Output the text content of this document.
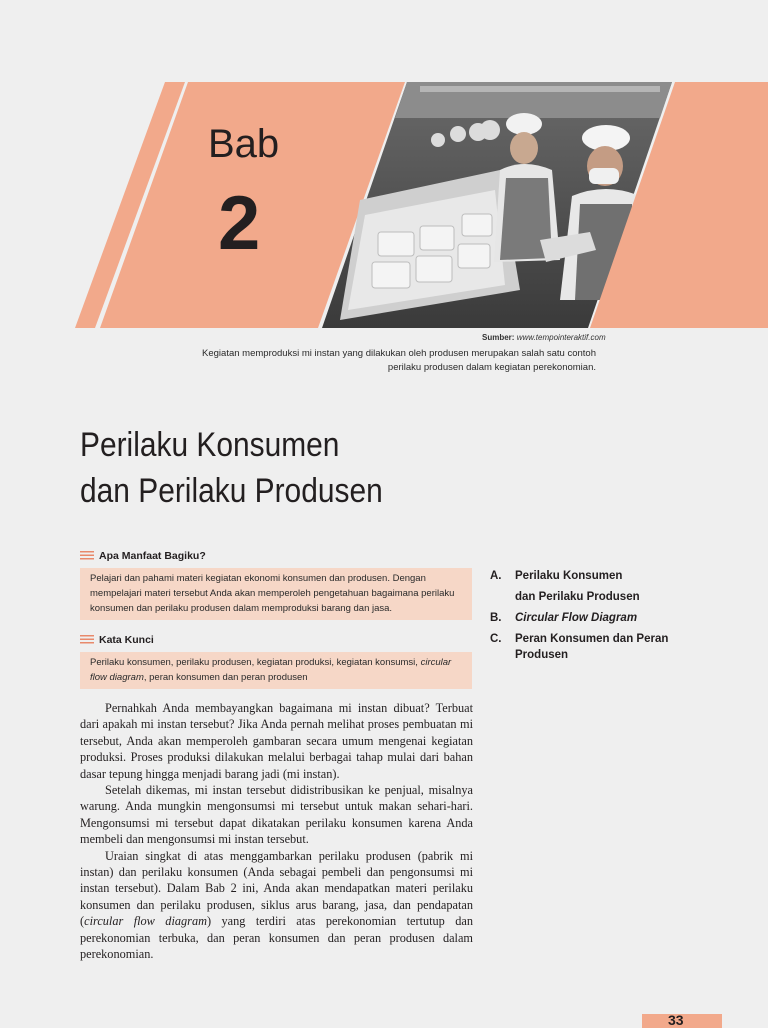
Bab
2
Sumber: www.tempointeraktif.com
Kegiatan memproduksi mi instan yang dilakukan oleh produsen merupakan salah satu contoh
perilaku produsen dalam kegiatan perekonomian.
Perilaku Konsumen
dan Perilaku Produsen
Apa Manfaat Bagiku?
Pelajari dan pahami materi kegiatan ekonomi konsumen dan produsen. Dengan mempelajari materi tersebut Anda akan memperoleh pengetahuan bagaimana perilaku konsumen dan perilaku produsen dalam memproduksi barang dan jasa.
Kata Kunci
Perilaku konsumen, perilaku produsen, kegiatan produksi, kegiatan konsumsi, circular flow diagram, peran konsumen dan peran produsen
A.	Perilaku Konsumen
dan Perilaku Produsen
B.	Circular Flow Diagram
C.	Peran Konsumen dan Peran
Produsen

Pernahkah Anda membayangkan bagaimana mi instan dibuat? Terbuat dari apakah mi instan tersebut? Jika Anda pernah melihat proses pembuatan mi tersebut, Anda akan memperoleh gambaran secara umum mengenai kegiatan produksi. Proses produksi dilakukan melalui berbagai tahap mulai dari bahan dasar tepung hingga menjadi barang jadi (mi instan).

Setelah dikemas, mi instan tersebut didistribusikan ke penjual, misalnya warung. Anda mungkin mengonsumsi mi tersebut untuk makan sehari-hari. Mengonsumsi mi tersebut dapat dikatakan perilaku konsumen karena Anda membeli dan mengonsumsi mi instan tersebut.

Uraian singkat di atas menggambarkan perilaku produsen (pabrik mi instan) dan perilaku konsumen (Anda sebagai pembeli dan pengonsumsi mi instan tersebut). Dalam Bab 2 ini, Anda akan mendapatkan materi perilaku konsumen dan perilaku produsen, siklus arus barang, jasa, dan pendapatan (circular flow diagram) yang terdiri atas perekonomian tertutup dan perekonomian terbuka, dan peran konsumen dan peran produsen dalam perekonomian.

33
